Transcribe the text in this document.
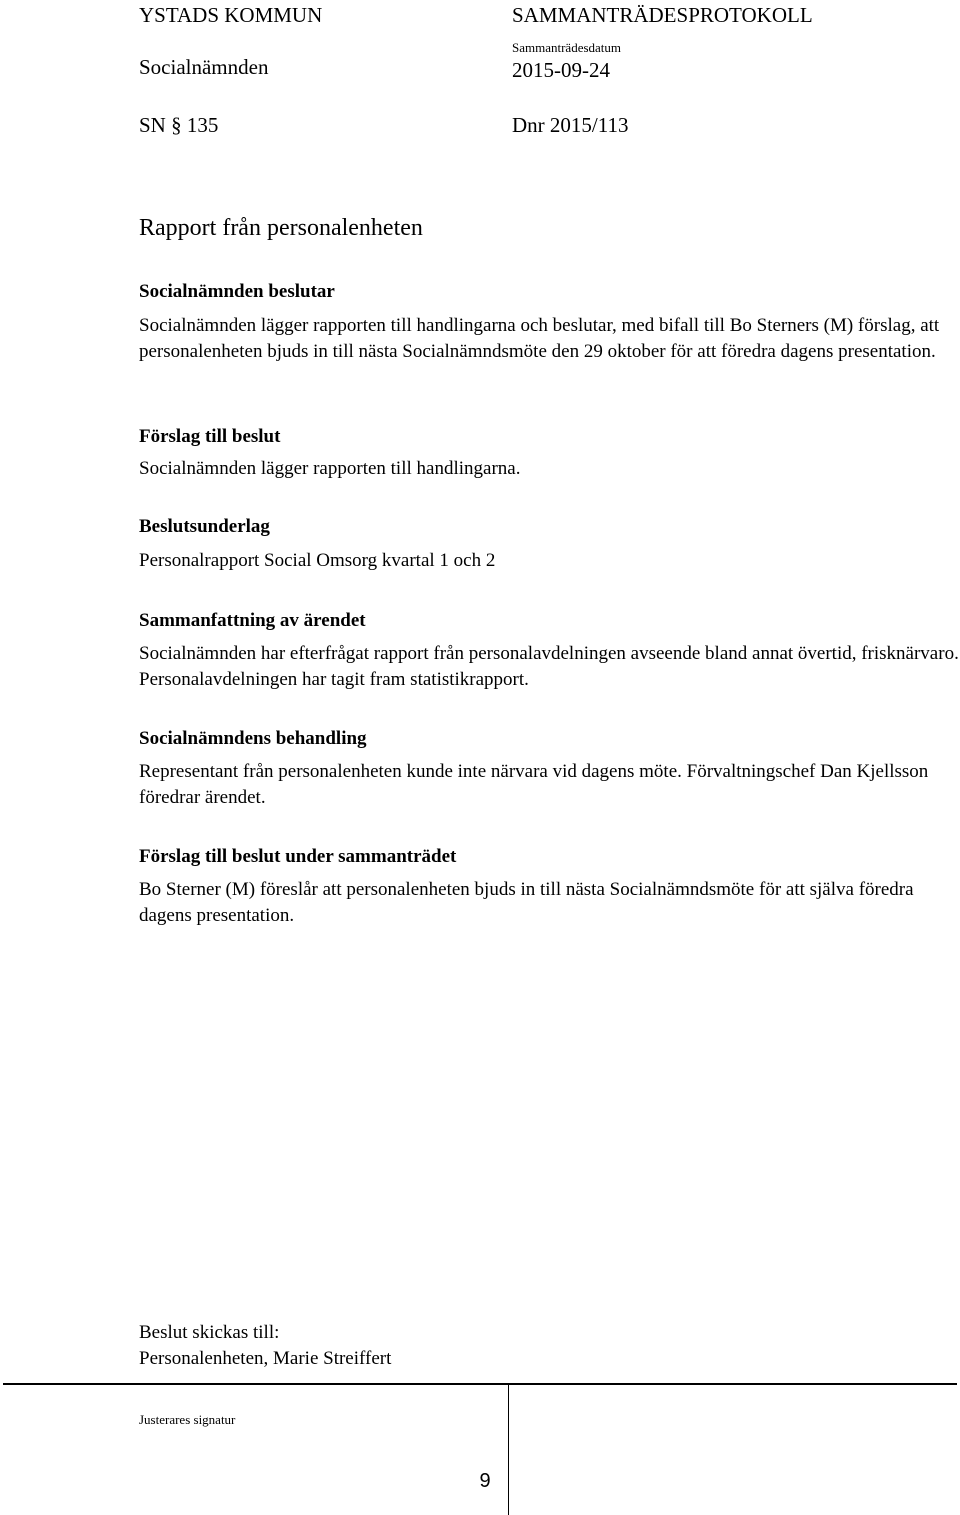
YSTADS KOMMUN	SAMMANTRÄDESPROTOKOLL
Socialnämnden
Sammanträdesdatum
2015-09-24
SN § 135	Dnr 2015/113
Rapport från personalenheten
Socialnämnden beslutar
Socialnämnden lägger rapporten till handlingarna och beslutar, med bifall till Bo Sterners (M) förslag, att personalenheten bjuds in till nästa Socialnämndsmöte den 29 oktober för att föredra dagens presentation.
Förslag till beslut
Socialnämnden lägger rapporten till handlingarna.
Beslutsunderlag
Personalrapport Social Omsorg kvartal 1 och 2
Sammanfattning av ärendet
Socialnämnden har efterfrågat rapport från personalavdelningen avseende bland annat övertid, frisknärvaro. Personalavdelningen har tagit fram statistikrapport.
Socialnämndens behandling
Representant från personalenheten kunde inte närvara vid dagens möte. Förvaltningschef Dan Kjellsson föredrar ärendet.
Förslag till beslut under sammanträdet
Bo Sterner (M) föreslår att personalenheten bjuds in till nästa Socialnämndsmöte för att själva föredra dagens presentation.
Beslut skickas till:
Personalenheten, Marie Streiffert
Justerares signatur
9
